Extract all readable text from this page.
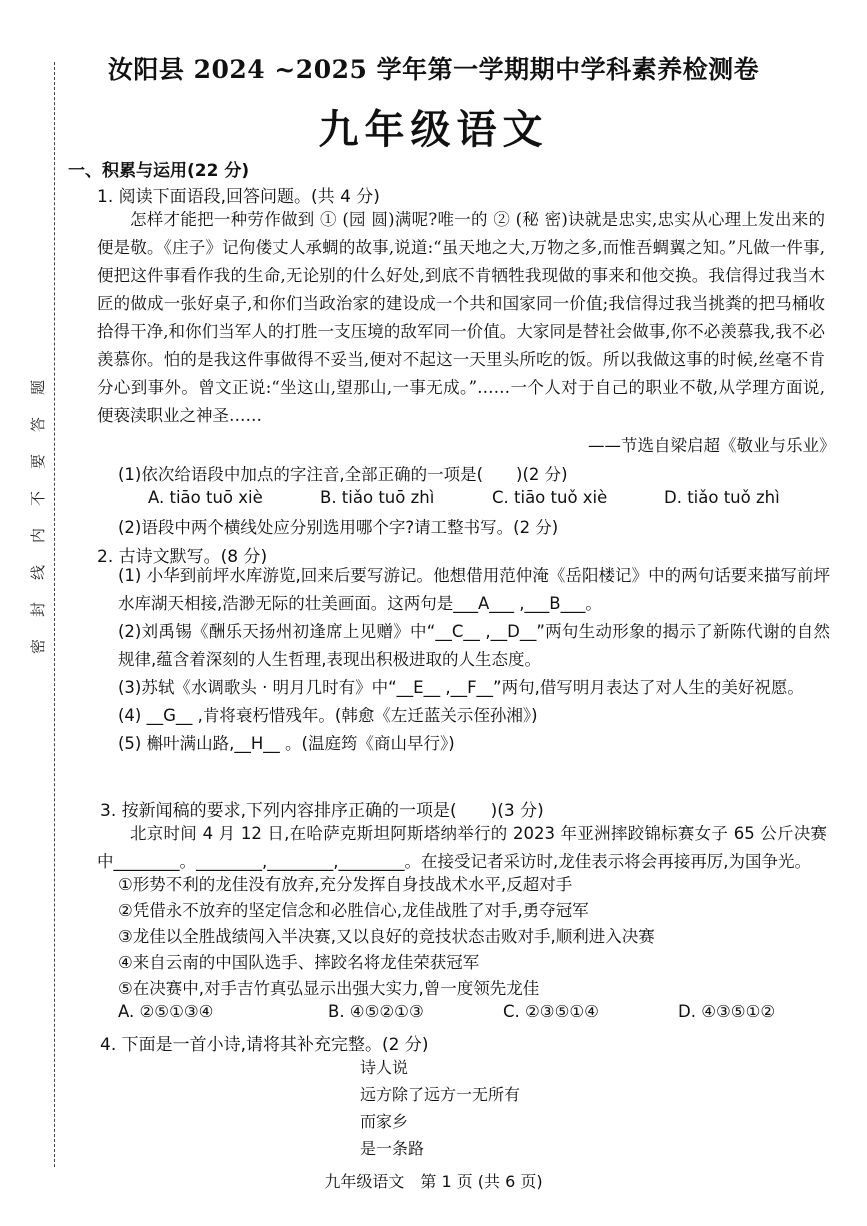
题
答
要
不
内
线
封
密
汝阳县 2024 ~2025 学年第一学期期中学科素养检测卷
九年级语文
一、积累与运用(22 分)
1. 阅读下面语段,回答问题。(共 4 分)

怎样才能把一种劳作做到 ① (园 圆)满呢?唯一的 ② (秘 密)诀就是忠实,忠实从心理上发出来的便是敬。《庄子》记佝偻丈人承蜩的故事,说道:“虽天地之大,万物之多,而惟吾蜩翼之知。”凡做一件事,便把这件事看作我的生命,无论别的什么好处,到底不肯牺牲我现做的事来和他交换。我信得过我当木匠的做成一张好桌子,和你们当政治家的建设成一个共和国家同一价值;我信得过我当挑粪的把马桶收拾得干净,和你们当军人的打胜一支压境的敌军同一价值。大家同是替社会做事,你不必羡慕我,我不必羡慕你。怕的是我这件事做得不妥当,便对不起这一天里头所吃的饭。所以我做这事的时候,丝毫不肯分心到事外。曾文正说:“坐这山,望那山,一事无成。”……一个人对于自己的职业不敬,从学理方面说,便亵渎职业之神圣……

——节选自梁启超《敬业与乐业》
(1)依次给语段中加点的字注音,全部正确的一项是(　　)(2 分)
A. tiāo tuō xiè	B. tiǎo tuō zhì	C. tiāo tuǒ xiè	D. tiǎo tuǒ zhì
(2)语段中两个横线处应分别选用哪个字?请工整书写。(2 分)
2. 古诗文默写。(8 分)

(1) 小华到前坪水库游览,回来后要写游记。他想借用范仲淹《岳阳楼记》中的两句话要来描写前坪水库湖天相接,浩渺无际的壮美画面。这两句是___A___ ,___B___。

(2)刘禹锡《酬乐天扬州初逢席上见赠》中“__C__ ,__D__”两句生动形象的揭示了新陈代谢的自然规律,蕴含着深刻的人生哲理,表现出积极进取的人生态度。

(3)苏轼《水调歌头 · 明月几时有》中“__E__ ,__F__”两句,借写明月表达了对人生的美好祝愿。

(4) __G__ ,肯将衰朽惜残年。(韩愈《左迁蓝关示侄孙湘》)

(5) 槲叶满山路,__H__ 。(温庭筠《商山早行》)

3. 按新闻稿的要求,下列内容排序正确的一项是(　　)(3 分)

北京时间 4 月 12 日,在哈萨克斯坦阿斯塔纳举行的 2023 年亚洲摔跤锦标赛女子 65 公斤决赛中________。________,________,________。在接受记者采访时,龙佳表示将会再接再厉,为国争光。

①形势不利的龙佳没有放弃,充分发挥自身技战术水平,反超对手

②凭借永不放弃的坚定信念和必胜信心,龙佳战胜了对手,勇夺冠军

③龙佳以全胜战绩闯入半决赛,又以良好的竞技状态击败对手,顺利进入决赛

④来自云南的中国队选手、摔跤名将龙佳荣获冠军

⑤在决赛中,对手吉竹真弘显示出强大实力,曾一度领先龙佳

A. ②⑤①③④	B. ④⑤②①③	C. ②③⑤①④	D. ④③⑤①②
4. 下面是一首小诗,请将其补充完整。(2 分)
诗人说
远方除了远方一无所有
而家乡
是一条路
九年级语文　第 1 页 (共 6 页)
